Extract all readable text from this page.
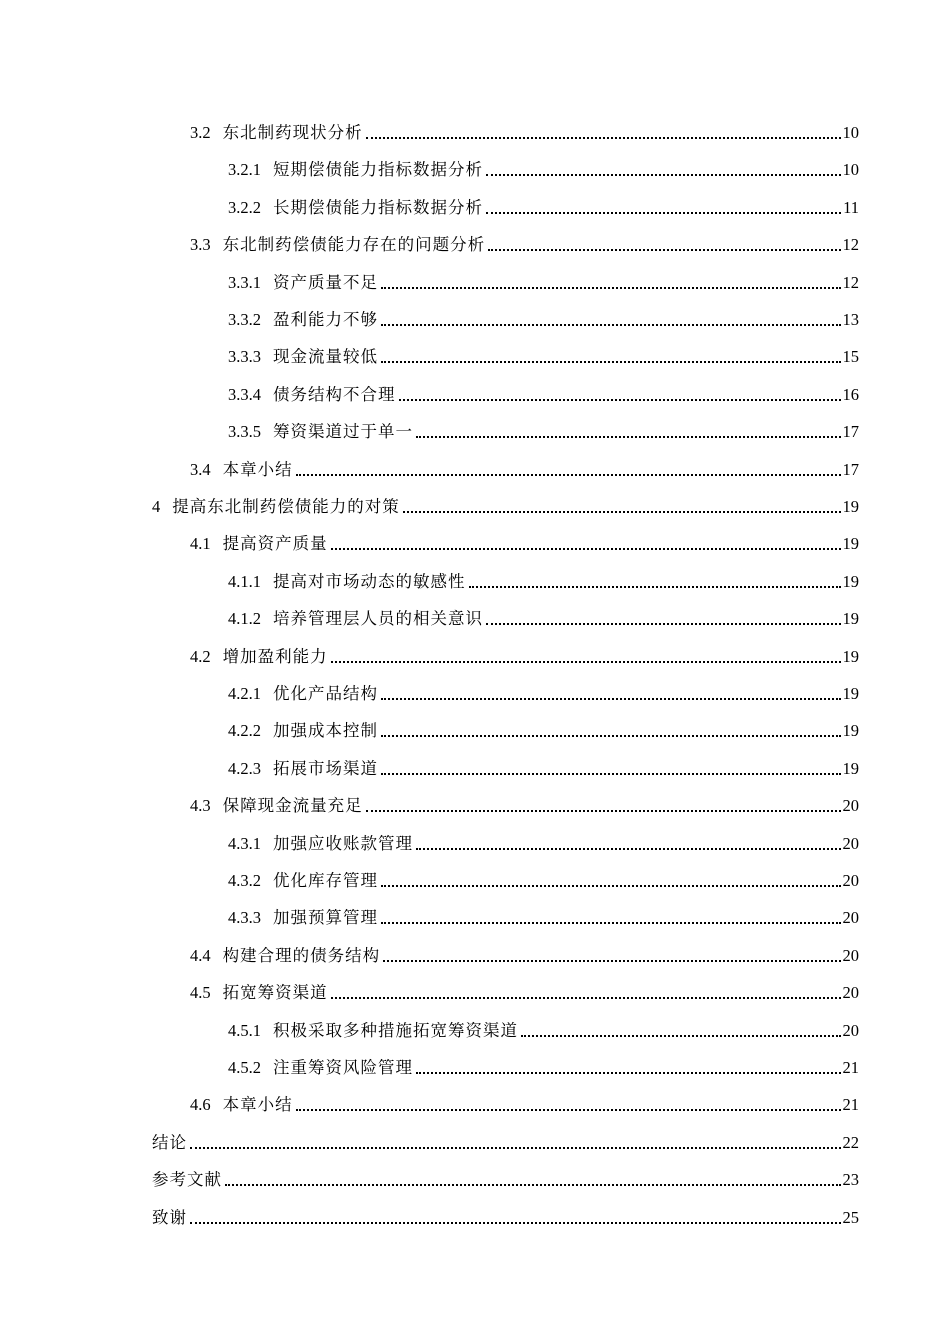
3.2 东北制药现状分析	10
3.2.1 短期偿债能力指标数据分析	10
3.2.2 长期偿债能力指标数据分析	11
3.3 东北制药偿债能力存在的问题分析	12
3.3.1 资产质量不足	12
3.3.2 盈利能力不够	13
3.3.3 现金流量较低	15
3.3.4 债务结构不合理	16
3.3.5 筹资渠道过于单一	17
3.4 本章小结	17
4 提高东北制药偿债能力的对策	19
4.1 提高资产质量	19
4.1.1 提高对市场动态的敏感性	19
4.1.2 培养管理层人员的相关意识	19
4.2 增加盈利能力	19
4.2.1 优化产品结构	19
4.2.2 加强成本控制	19
4.2.3 拓展市场渠道	19
4.3 保障现金流量充足	20
4.3.1 加强应收账款管理	20
4.3.2 优化库存管理	20
4.3.3 加强预算管理	20
4.4 构建合理的债务结构	20
4.5 拓宽筹资渠道	20
4.5.1 积极采取多种措施拓宽筹资渠道	20
4.5.2 注重筹资风险管理	21
4.6 本章小结	21
结论	22
参考文献	23
致谢	25
